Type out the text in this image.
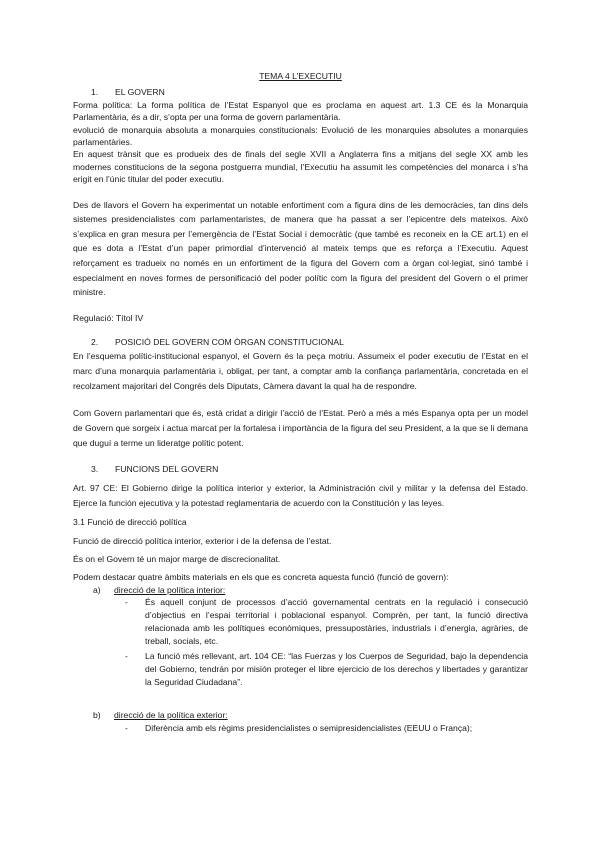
TEMA 4 L’EXECUTIU
1. EL GOVERN

Forma política: La forma política de l’Estat Espanyol que es proclama en aquest art. 1.3 CE és la Monarquia Parlamentària, és a dir, s’opta per una forma de govern parlamentària.

evolució de monarquia absoluta a monarquies constitucionals: Evolució de les monarquies absolutes a monarquies parlamentàries.

En aquest trànsit que es produeix des de finals del segle XVII a Anglaterra fins a mitjans del segle XX amb les modernes constitucions de la segona postguerra mundial, l’Executiu ha assumit les competències del monarca i s’ha erigit en l’únic titular del poder executiu.

Des de llavors el Govern ha experimentat un notable enfortiment com a figura dins de les democràcies, tan dins dels sistemes presidencialistes com parlamentaristes, de manera que ha passat a ser l’epicentre dels mateixos. Això s’explica en gran mesura per l’emergència de l’Estat Social i democràtic (que també es reconeix en la CE art.1) en el que es dota a l’Estat d’un paper primordial d’intervenció al mateix temps que es reforça a l’Executiu. Aquest reforçament es tradueix no només en un enfortiment de la figura del Govern com a òrgan col·legiat, sinó també i especialment en noves formes de personificació del poder polític com la figura del president del Govern o el primer ministre.

Regulació: Títol IV

2. POSICIÓ DEL GOVERN COM ÒRGAN CONSTITUCIONAL

En l’esquema polític-institucional espanyol, el Govern és la peça motriu. Assumeix el poder executiu de l’Estat en el marc d’una monarquia parlamentària i, obligat, per tant, a comptar amb la confiança parlamentària, concretada en el recolzament majoritari del Congrés dels Diputats, Càmera davant la qual ha de respondre.

Com Govern parlamentari que és, està cridat a dirigir l’acció de l’Estat. Però a més a més Espanya opta per un model de Govern que sorgeix i actua marcat per la fortalesa i importància de la figura del seu President, a la que se li demana que duguí a terme un lideratge polític potent.

3. FUNCIONS DEL GOVERN

Art. 97 CE: El Gobierno dirige la política interior y exterior, la Administración civil y militar y la defensa del Estado. Ejerce la función ejecutiva y la potestad reglamentaria de acuerdo con la Constitución y las leyes.

3.1 Funció de direcció política

Funció de direcció política interior, exterior i de la defensa de l’estat.

És on el Govern té un major marge de discrecionalitat.

Podem destacar quatre àmbits materials en els que es concreta aquesta funció (funció de govern):

a) direcció de la política interior:
- És aquell conjunt de processos d’acció governamental centrats en la regulació i consecució d’objectius en l’espai territorial i poblacional espanyol. Comprèn, per tant, la funció directiva relacionada amb les polítiques econòmiques, pressupostàries, industrials i d’energia, agràries, de treball, socials, etc.
- La funció més rellevant, art. 104 CE: “las Fuerzas y los Cuerpos de Seguridad, bajo la dependencia del Gobierno, tendrán por misión proteger el libre ejercicio de los derechos y libertades y garantizar la Seguridad Ciudadana”.
b) direcció de la política exterior:
- Diferència amb els règims presidencialistes o semipresidencialistes (EEUU o França);
